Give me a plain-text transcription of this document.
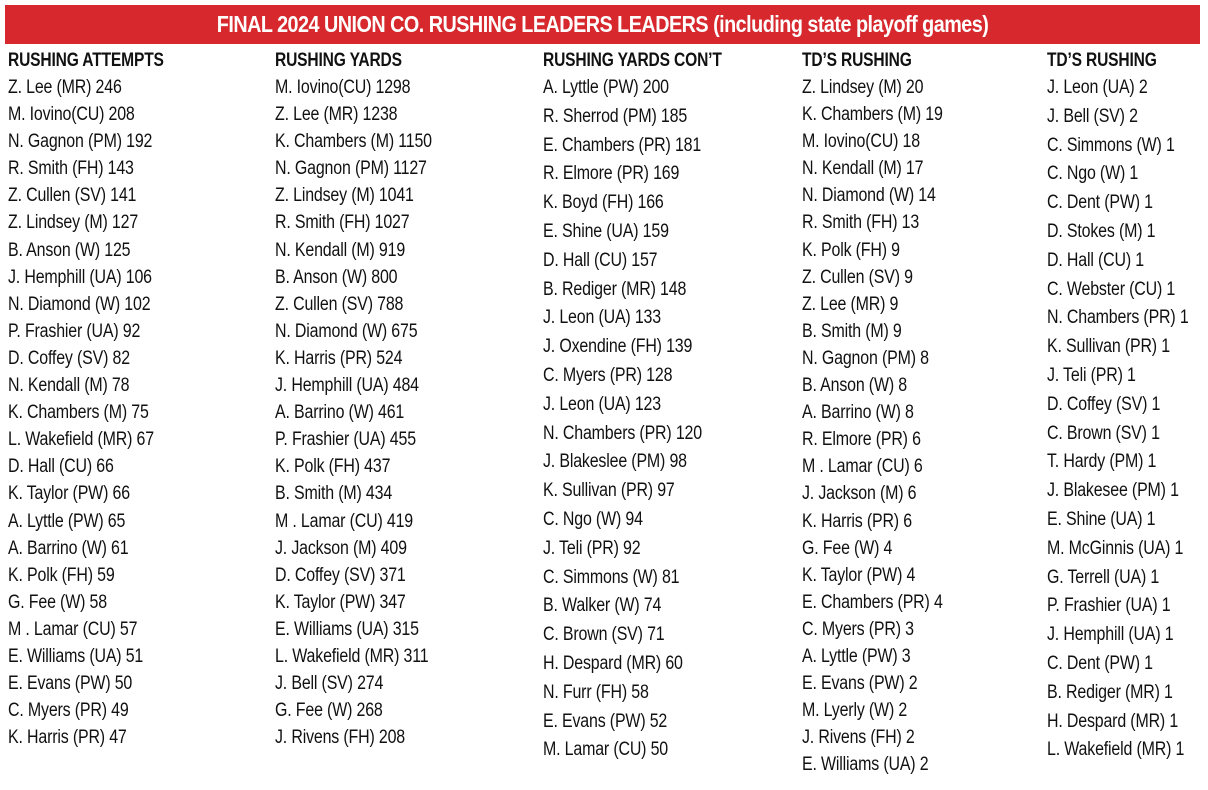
FINAL 2024 UNION CO. RUSHING LEADERS LEADERS (including state playoff games)
RUSHING ATTEMPTS
Z. Lee (MR) 246
M. Iovino(CU) 208
N. Gagnon (PM) 192
R. Smith (FH) 143
Z. Cullen (SV) 141
Z. Lindsey (M) 127
B. Anson (W) 125
J. Hemphill (UA) 106
N. Diamond (W) 102
P. Frashier (UA) 92
D. Coffey (SV) 82
N. Kendall (M) 78
K. Chambers (M) 75
L. Wakefield (MR) 67
D. Hall (CU) 66
K. Taylor (PW) 66
A. Lyttle (PW) 65
A. Barrino (W) 61
K. Polk (FH) 59
G. Fee (W) 58
M . Lamar (CU) 57
E. Williams (UA) 51
E. Evans (PW) 50
C. Myers (PR) 49
K. Harris (PR) 47
RUSHING YARDS
M. Iovino(CU) 1298
Z. Lee (MR) 1238
K. Chambers (M) 1150
N. Gagnon (PM) 1127
Z. Lindsey (M) 1041
R. Smith (FH) 1027
N. Kendall (M) 919
B. Anson (W) 800
Z. Cullen (SV) 788
N. Diamond (W) 675
K. Harris (PR) 524
J. Hemphill (UA) 484
A. Barrino (W) 461
P. Frashier (UA) 455
K. Polk (FH) 437
B. Smith (M) 434
M . Lamar (CU) 419
J. Jackson (M) 409
D. Coffey (SV) 371
K. Taylor (PW) 347
E. Williams (UA) 315
L. Wakefield (MR) 311
J. Bell (SV) 274
G. Fee (W) 268
J. Rivens (FH) 208
RUSHING YARDS CON’T
A. Lyttle (PW) 200
R. Sherrod (PM) 185
E. Chambers (PR) 181
R. Elmore (PR) 169
K. Boyd (FH) 166
E. Shine (UA) 159
D. Hall (CU) 157
B. Rediger (MR) 148
J. Leon (UA) 133
J. Oxendine (FH) 139
C. Myers (PR) 128
J. Leon (UA) 123
N. Chambers (PR) 120
J. Blakeslee (PM) 98
K. Sullivan (PR) 97
C. Ngo (W) 94
J. Teli (PR) 92
C. Simmons (W) 81
B. Walker (W) 74
C. Brown (SV) 71
H. Despard (MR) 60
N. Furr (FH) 58
E. Evans (PW) 52
M. Lamar (CU) 50
TD’S RUSHING
Z. Lindsey (M) 20
K. Chambers (M) 19
M. Iovino(CU) 18
N. Kendall (M) 17
N. Diamond (W) 14
R. Smith (FH) 13
K. Polk (FH) 9
Z. Cullen (SV) 9
Z. Lee (MR) 9
B. Smith (M) 9
N. Gagnon (PM) 8
B. Anson (W) 8
A. Barrino (W) 8
R. Elmore (PR) 6
M . Lamar (CU) 6
J. Jackson (M) 6
K. Harris (PR) 6
G. Fee (W) 4
K. Taylor (PW) 4
E. Chambers (PR) 4
C. Myers (PR) 3
A. Lyttle (PW) 3
E. Evans (PW) 2
M. Lyerly (W) 2
J. Rivens (FH) 2
E. Williams (UA) 2
TD’S RUSHING
J. Leon (UA) 2
J. Bell (SV) 2
C. Simmons (W) 1
C. Ngo (W) 1
C. Dent (PW) 1
D. Stokes (M) 1
D. Hall (CU) 1
C. Webster (CU) 1
N. Chambers (PR) 1
K. Sullivan (PR) 1
J. Teli (PR) 1
D. Coffey (SV) 1
C. Brown (SV) 1
T. Hardy (PM) 1
J. Blakesee (PM) 1
E. Shine (UA) 1
M. McGinnis (UA) 1
G. Terrell (UA) 1
P. Frashier (UA) 1
J. Hemphill (UA) 1
C. Dent (PW) 1
B. Rediger (MR) 1
H. Despard (MR) 1
L. Wakefield (MR) 1
